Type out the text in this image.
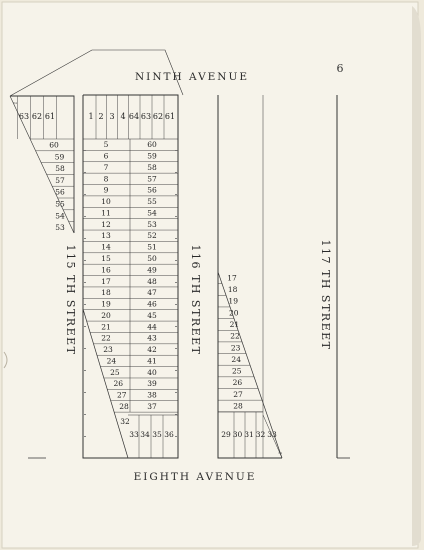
64
63 62 61
60
59
58
57
56
55
54
53
1 2 3 4 64 63 62 61
5
6
7
8
9
10
11
12
13
14
15
16
17
18
19
20
21
22
23
24
25
26
27
28
32
33
60
59
58
57
56
55
54
53
52
51
50
49
48
47
46
45
44
43
42
41
40
39
38
37
34 35 36
17
18
19
20
21
22
23
24
25
26
27
28
29 30 31 32 33
34
NINTH AVENUE
EIGHTH AVENUE
6
115 TH STREET	116 TH STREET	117 TH STREET
